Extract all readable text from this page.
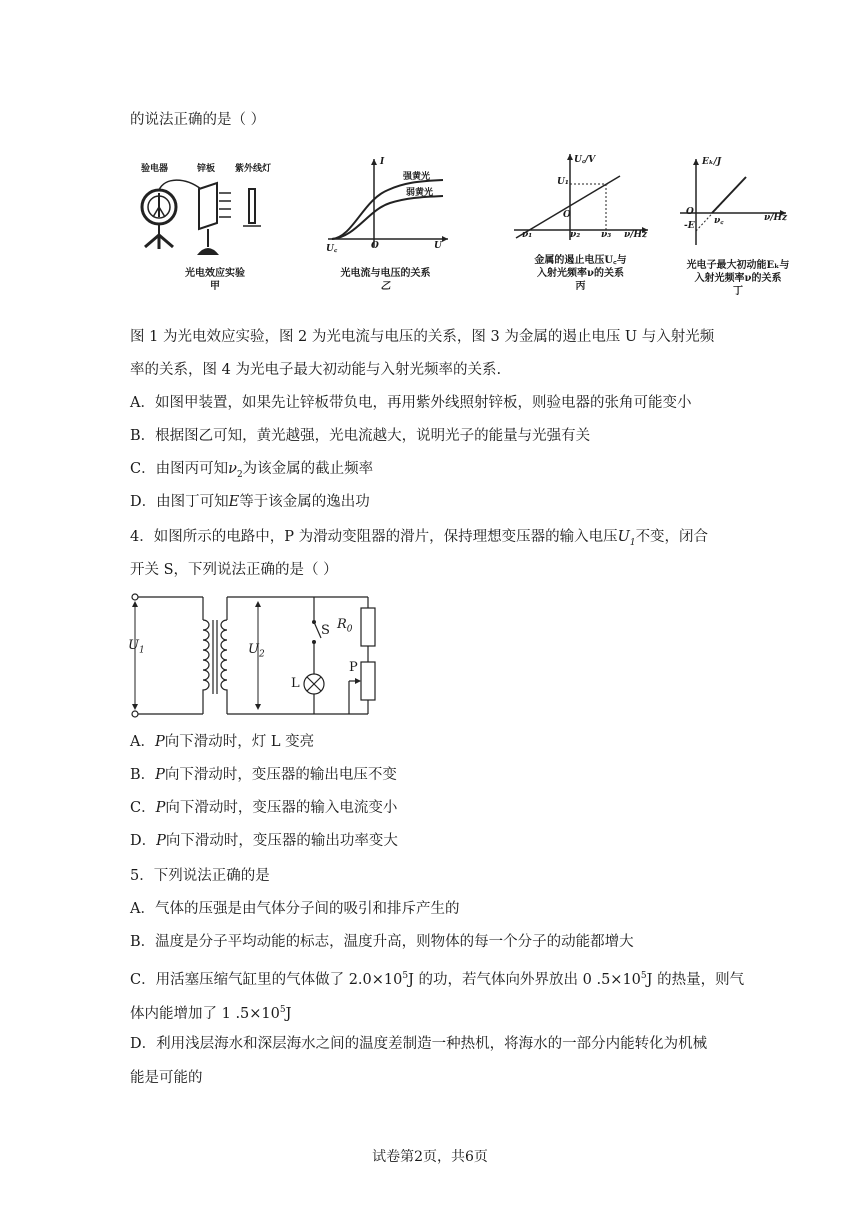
的说法正确的是（ ）
验电器	锌板 紫外线灯
光电效应实验
甲
I
强黄光
弱黄光
U꜀	O	U
光电流与电压的关系
乙
U꜀/V
U₁
O
ν₁	ν₂ ν₃ ν/Hz
金属的遏止电压U꜀与
入射光频率ν的关系
丙
Eₖ/J
O
-E ν꜀	ν/Hz
光电子最大初动能Eₖ与
入射光频率ν的关系
丁
图 1 为光电效应实验，图 2 为光电流与电压的关系，图 3 为金属的遏止电压 U 与入射光频
率的关系，图 4 为光电子最大初动能与入射光频率的关系.
A．如图甲装置，如果先让锌板带负电，再用紫外线照射锌板，则验电器的张角可能变小
B．根据图乙可知，黄光越强，光电流越大，说明光子的能量与光强有关
C．由图丙可知$\nu_2$为该金属的截止频率
D．由图丁可知E等于该金属的逸出功
4．如图所示的电路中，P 为滑动变阻器的滑片，保持理想变压器的输入电压$U_1$不变，闭合
开关 S，下列说法正确的是（ ）
$U_1$	$U_2$
S $R_0$
P
L
A．P向下滑动时，灯 L 变亮
B．P向下滑动时，变压器的输出电压不变
C．P向下滑动时，变压器的输入电流变小
D．P向下滑动时，变压器的输出功率变大
5．下列说法正确的是
A．气体的压强是由气体分子间的吸引和排斥产生的
B．温度是分子平均动能的标志，温度升高，则物体的每一个分子的动能都增大
C．用活塞压缩气缸里的气体做了 $2.0\times 10^5J$ 的功，若气体向外界放出 0 $.5\times 10^5J$ 的热量，则气
体内能增加了 1 $.5\times 10^5J$
D．利用浅层海水和深层海水之间的温度差制造一种热机，将海水的一部分内能转化为机械
能是可能的
试卷第2页，共6页
